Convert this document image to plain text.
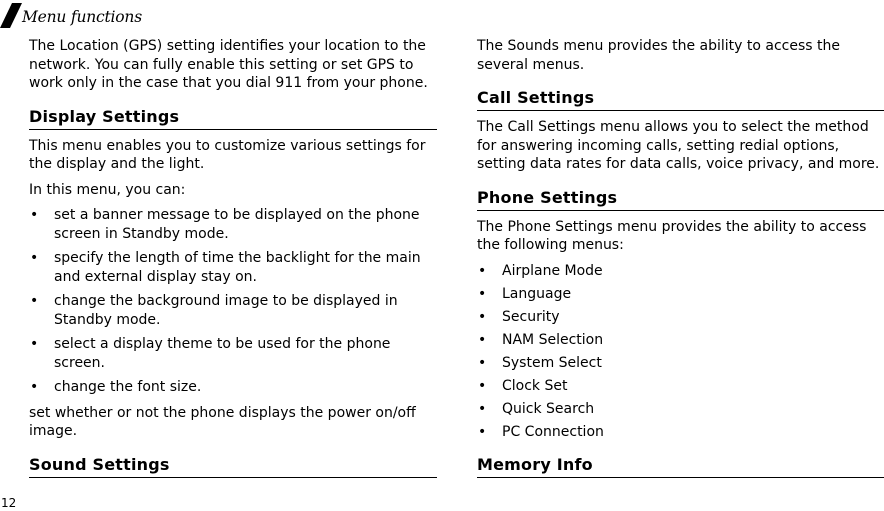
Menu functions

The Location (GPS) setting identifies your location to the network. You can fully enable this setting or set GPS to work only in the case that you dial 911 from your phone.

Display Settings

This menu enables you to customize various settings for the display and the light.

In this menu, you can:

• set a banner message to be displayed on the phone screen in Standby mode.
• specify the length of time the backlight for the main and external display stay on.
• change the background image to be displayed in Standby mode.
• select a display theme to be used for the phone screen.
• change the font size.

set whether or not the phone displays the power on/off image.

Sound Settings

The Sounds menu provides the ability to access the several menus.

Call Settings

The Call Settings menu allows you to select the method for answering incoming calls, setting redial options, setting data rates for data calls, voice privacy, and more.

Phone Settings

The Phone Settings menu provides the ability to access the following menus:

• Airplane Mode
• Language
• Security
• NAM Selection
• System Select
• Clock Set
• Quick Search
• PC Connection
Memory Info
12
